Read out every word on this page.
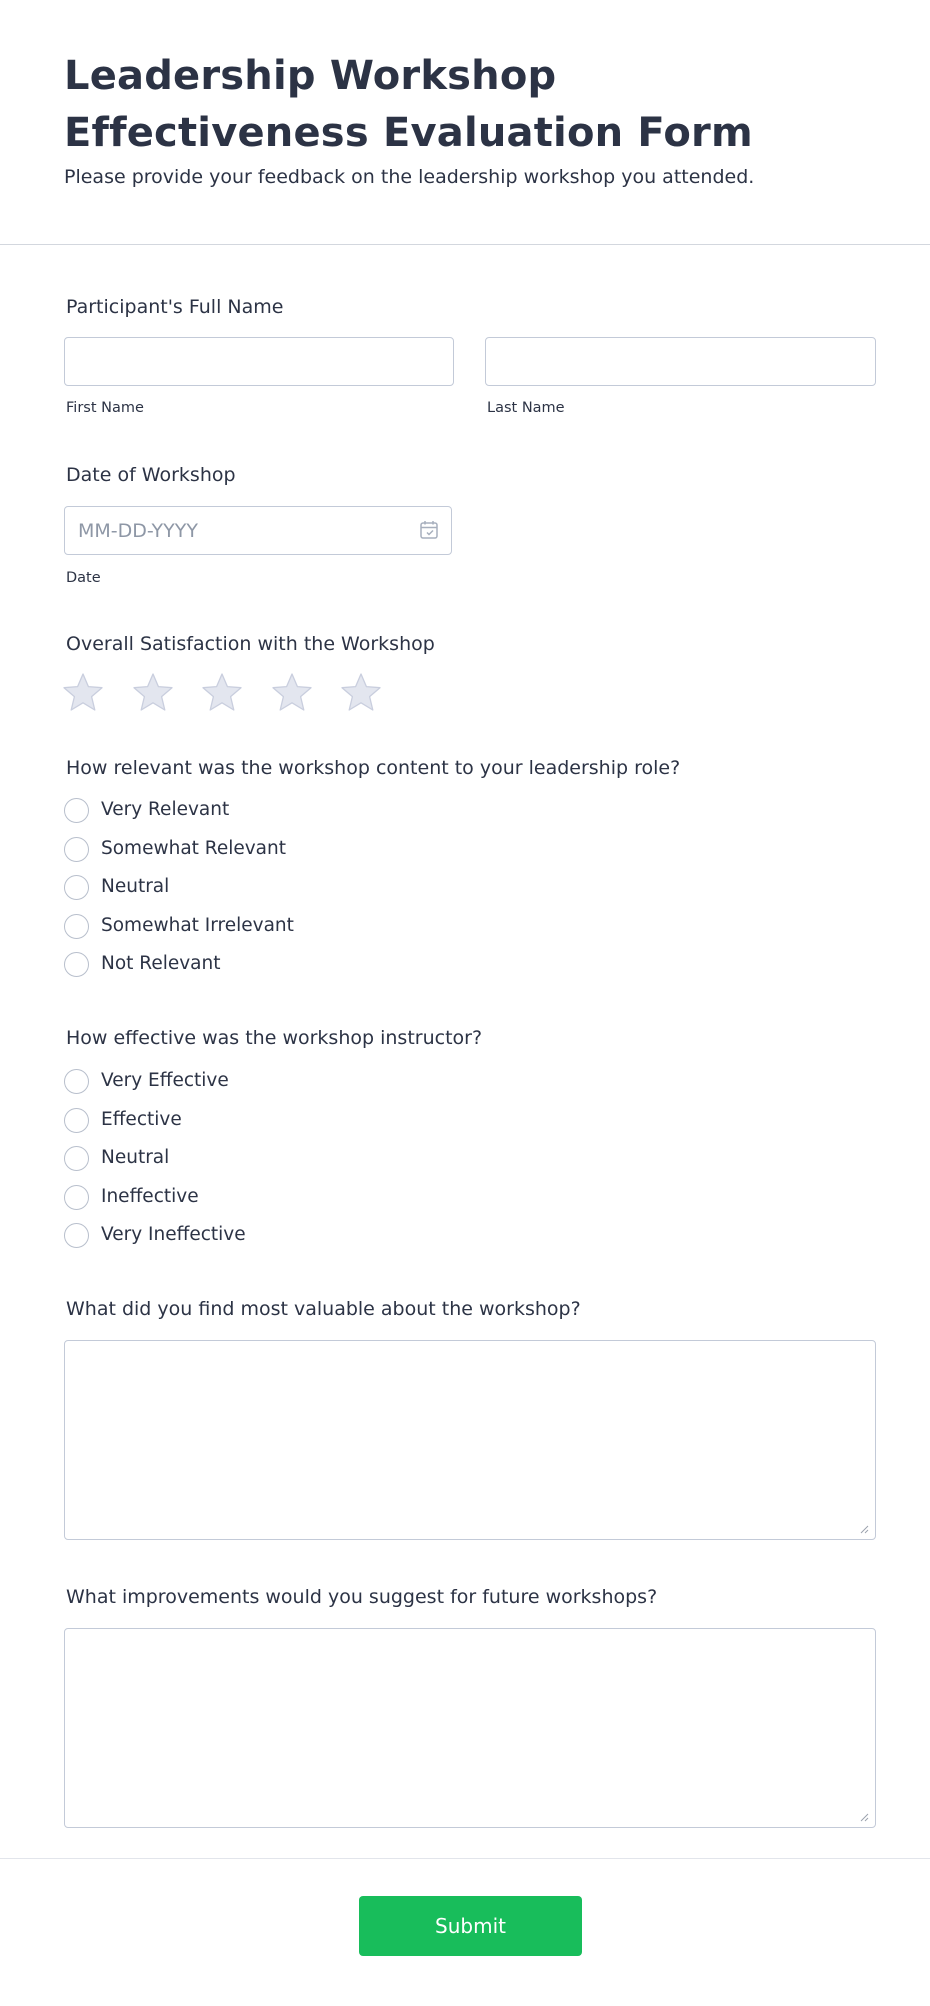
Leadership Workshop Effectiveness Evaluation Form

Please provide your feedback on the leadership workshop you attended.

Participant's Full Name
First Name	Last Name
Date of Workshop
MM-DD-YYYY
Date
Overall Satisfaction with the Workshop
How relevant was the workshop content to your leadership role?
Very Relevant
Somewhat Relevant
Neutral
Somewhat Irrelevant
Not Relevant
How effective was the workshop instructor?
Very Effective
Effective
Neutral
Ineffective
Very Ineffective
What did you find most valuable about the workshop?
What improvements would you suggest for future workshops?
Submit
